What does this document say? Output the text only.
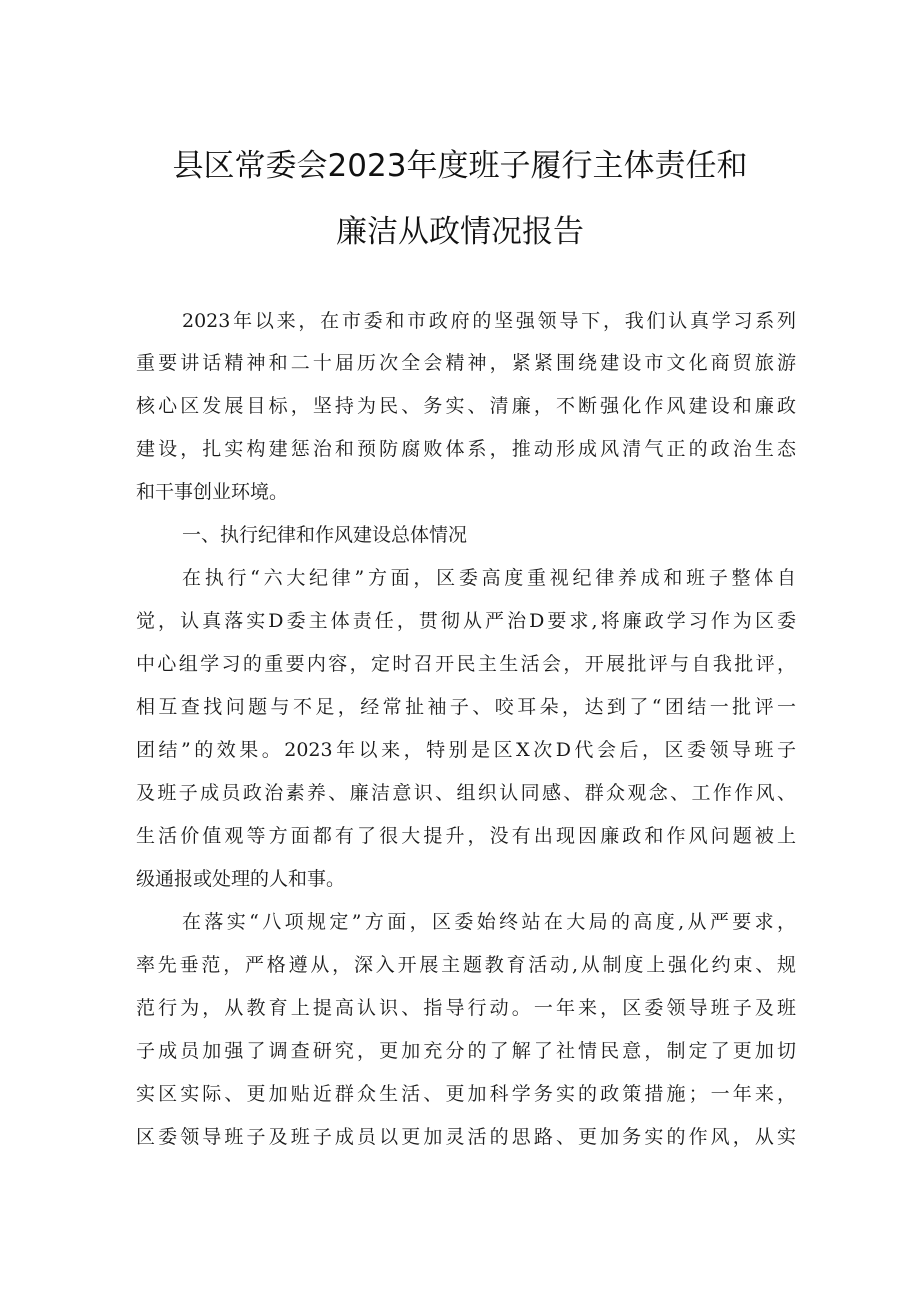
县区常委会2023年度班子履行主体责任和
廉洁从政情况报告
2023年以来，在市委和市政府的坚强领导下，我们认真学习系列
重要讲话精神和二十届历次全会精神，紧紧围绕建设市文化商贸旅游
核心区发展目标，坚持为民、务实、清廉，不断强化作风建设和廉政
建设，扎实构建惩治和预防腐败体系，推动形成风清气正的政治生态
和干事创业环境。
一、执行纪律和作风建设总体情况
在执行“六大纪律”方面，区委高度重视纪律养成和班子整体自
觉，认真落实D委主体责任，贯彻从严治D要求,将廉政学习作为区委
中心组学习的重要内容，定时召开民主生活会，开展批评与自我批评，
相互查找问题与不足，经常扯袖子、咬耳朵，达到了“团结一批评一
团结”的效果。2023年以来，特别是区X次D代会后，区委领导班子
及班子成员政治素养、廉洁意识、组织认同感、群众观念、工作作风、
生活价值观等方面都有了很大提升，没有出现因廉政和作风问题被上
级通报或处理的人和事。
在落实“八项规定”方面，区委始终站在大局的高度,从严要求，
率先垂范，严格遵从，深入开展主题教育活动,从制度上强化约束、规
范行为，从教育上提高认识、指导行动。一年来，区委领导班子及班
子成员加强了调查研究，更加充分的了解了社情民意，制定了更加切
实区实际、更加贴近群众生活、更加科学务实的政策措施；一年来，
区委领导班子及班子成员以更加灵活的思路、更加务实的作风，从实
